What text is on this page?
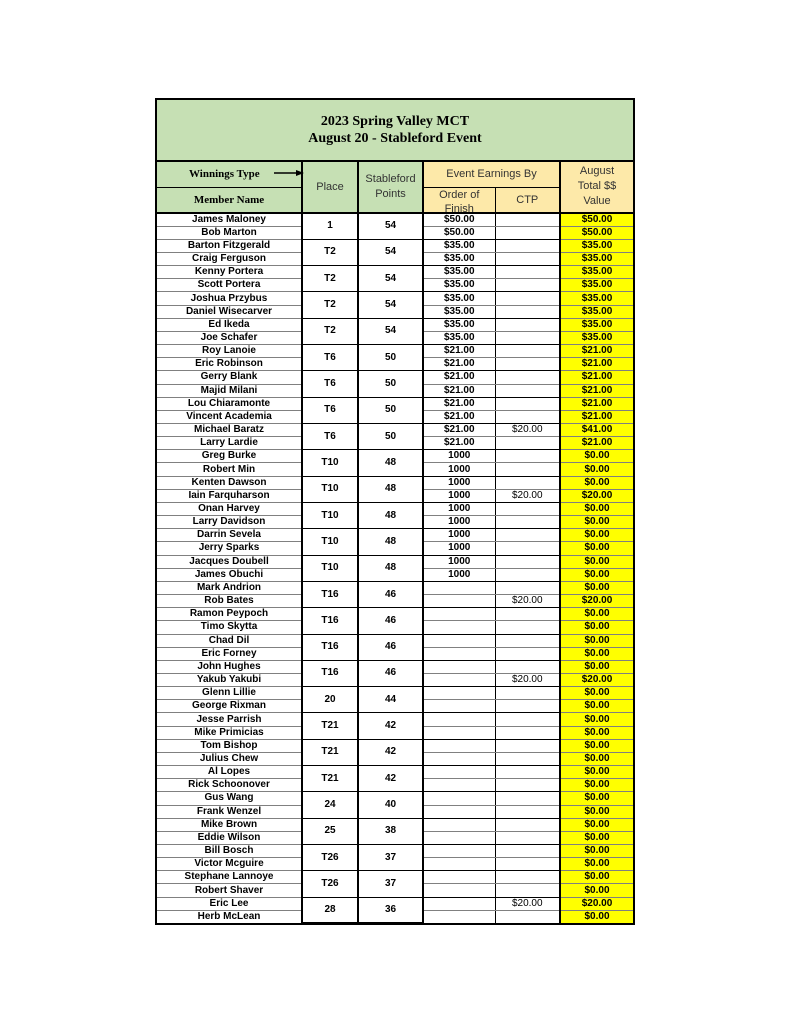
2023 Spring Valley MCT
August 20 - Stableford Event
Winnings Type	Place	Stableford Points	Event Earnings By		August Total $$ Value
Member Name			Order of Finish	CTP	
James Maloney	1	54	$50.00		$50.00
Bob Marton			$50.00		$50.00
Barton Fitzgerald	T2	54	$35.00		$35.00
Craig Ferguson			$35.00		$35.00
Kenny Portera	T2	54	$35.00		$35.00
Scott Portera			$35.00		$35.00
Joshua Przybus	T2	54	$35.00		$35.00
Daniel Wisecarver			$35.00		$35.00
Ed Ikeda	T2	54	$35.00		$35.00
Joe Schafer			$35.00		$35.00
Roy Lanoie	T6	50	$21.00		$21.00
Eric Robinson			$21.00		$21.00
Gerry Blank	T6	50	$21.00		$21.00
Majid Milani			$21.00		$21.00
Lou Chiaramonte	T6	50	$21.00		$21.00
Vincent Academia			$21.00		$21.00
Michael Baratz	T6	50	$21.00	$20.00	$41.00
Larry Lardie			$21.00		$21.00
Greg Burke	T10	48	1000		$0.00
Robert Min			1000		$0.00
Kenten Dawson	T10	48	1000		$0.00
Iain Farquharson			1000	$20.00	$20.00
Onan Harvey	T10	48	1000		$0.00
Larry Davidson			1000		$0.00
Darrin Sevela	T10	48	1000		$0.00
Jerry Sparks			1000		$0.00
Jacques Doubell	T10	48	1000		$0.00
James Obuchi			1000		$0.00
Mark Andrion	T16	46			$0.00
Rob Bates				$20.00	$20.00
Ramon Peypoch	T16	46			$0.00
Timo Skytta					$0.00
Chad Dil	T16	46			$0.00
Eric Forney					$0.00
John Hughes	T16	46			$0.00
Yakub Yakubi				$20.00	$20.00
Glenn Lillie	20	44			$0.00
George Rixman					$0.00
Jesse Parrish	T21	42			$0.00
Mike Primicias					$0.00
Tom Bishop	T21	42			$0.00
Julius Chew					$0.00
Al Lopes	T21	42			$0.00
Rick Schoonover					$0.00
Gus Wang	24	40			$0.00
Frank Wenzel					$0.00
Mike Brown	25	38			$0.00
Eddie Wilson					$0.00
Bill Bosch	T26	37			$0.00
Victor Mcguire					$0.00
Stephane Lannoye	T26	37			$0.00
Robert Shaver					$0.00
Eric Lee	28	36		$20.00	$20.00
Herb McLean					$0.00
